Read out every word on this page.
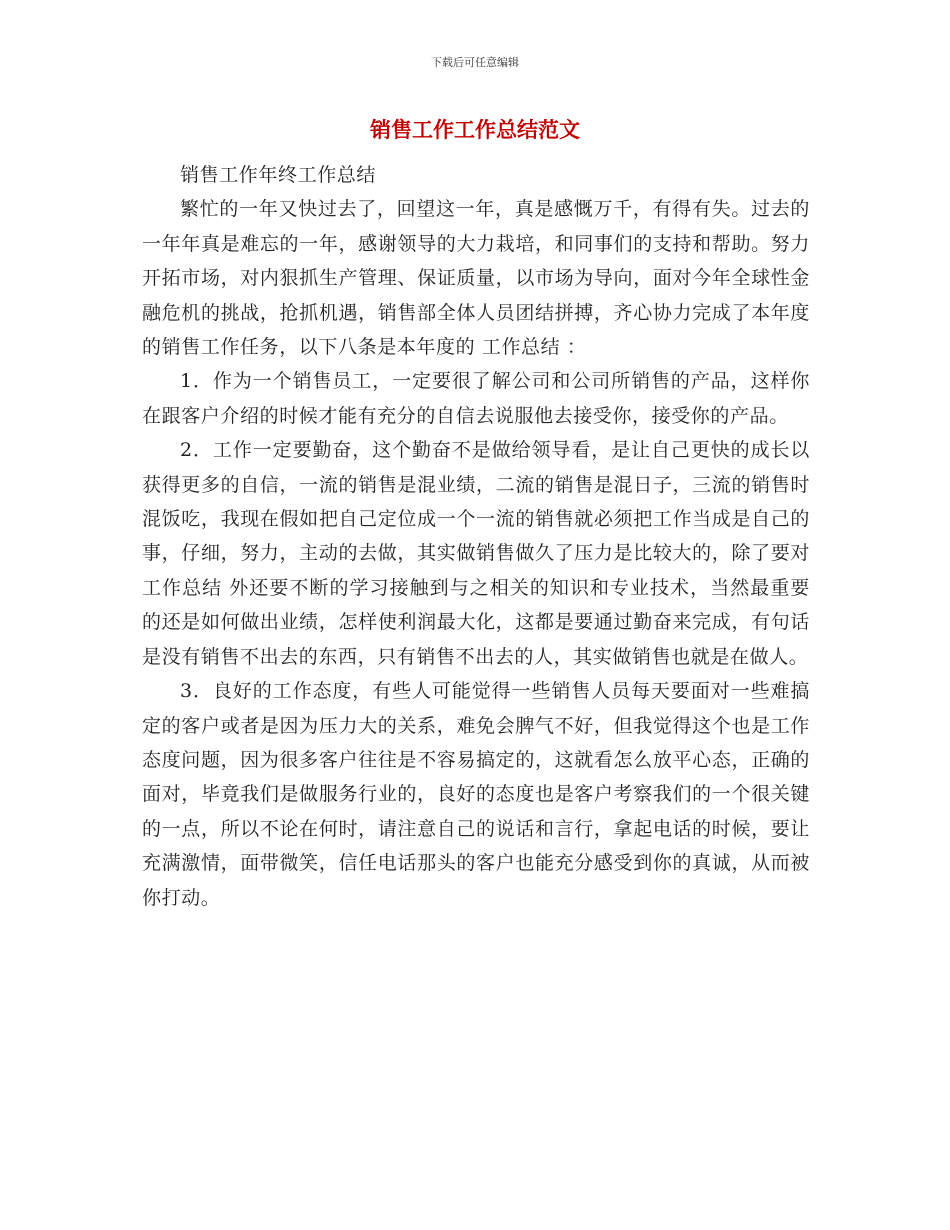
下载后可任意编辑
销售工作工作总结范文

销售工作年终工作总结

繁忙的一年又快过去了，回望这一年，真是感慨万千，有得有失。过去的一年年真是难忘的一年，感谢领导的大力栽培，和同事们的支持和帮助。努力开拓市场，对内狠抓生产管理、保证质量，以市场为导向，面对今年全球性金融危机的挑战，抢抓机遇，销售部全体人员团结拼搏，齐心协力完成了本年度的销售工作任务，以下八条是本年度的 工作总结 ：

1．作为一个销售员工，一定要很了解公司和公司所销售的产品，这样你在跟客户介绍的时候才能有充分的自信去说服他去接受你，接受你的产品。

2．工作一定要勤奋，这个勤奋不是做给领导看，是让自己更快的成长以获得更多的自信，一流的销售是混业绩，二流的销售是混日子，三流的销售时混饭吃，我现在假如把自己定位成一个一流的销售就必须把工作当成是自己的事，仔细，努力，主动的去做，其实做销售做久了压力是比较大的，除了要对 工作总结 外还要不断的学习接触到与之相关的知识和专业技术，当然最重要的还是如何做出业绩，怎样使利润最大化，这都是要通过勤奋来完成，有句话是没有销售不出去的东西，只有销售不出去的人，其实做销售也就是在做人。

3．良好的工作态度，有些人可能觉得一些销售人员每天要面对一些难搞定的客户或者是因为压力大的关系，难免会脾气不好，但我觉得这个也是工作态度问题，因为很多客户往往是不容易搞定的，这就看怎么放平心态，正确的面对，毕竟我们是做服务行业的，良好的态度也是客户考察我们的一个很关键的一点，所以不论在何时，请注意自己的说话和言行，拿起电话的时候，要让充满激情，面带微笑，信任电话那头的客户也能充分感受到你的真诚，从而被你打动。
